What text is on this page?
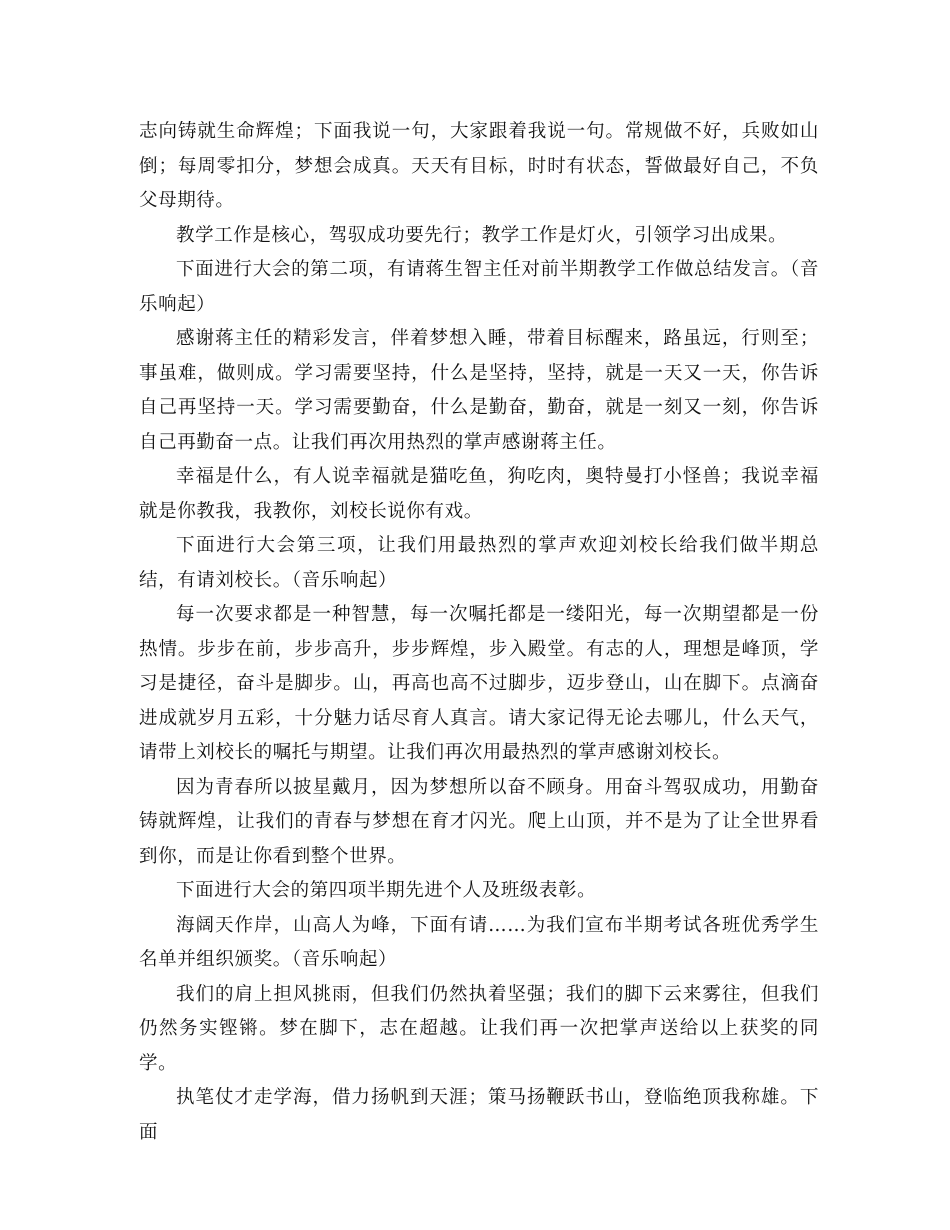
志向铸就生命辉煌；下面我说一句，大家跟着我说一句。常规做不好，兵败如山倒；每周零扣分，梦想会成真。天天有目标，时时有状态，誓做最好自己，不负父母期待。

教学工作是核心，驾驭成功要先行；教学工作是灯火，引领学习出成果。

下面进行大会的第二项，有请蒋生智主任对前半期教学工作做总结发言。（音乐响起）

感谢蒋主任的精彩发言，伴着梦想入睡，带着目标醒来，路虽远，行则至；事虽难，做则成。学习需要坚持，什么是坚持，坚持，就是一天又一天，你告诉自己再坚持一天。学习需要勤奋，什么是勤奋，勤奋，就是一刻又一刻，你告诉自己再勤奋一点。让我们再次用热烈的掌声感谢蒋主任。

幸福是什么，有人说幸福就是猫吃鱼，狗吃肉，奥特曼打小怪兽；我说幸福就是你教我，我教你，刘校长说你有戏。

下面进行大会第三项，让我们用最热烈的掌声欢迎刘校长给我们做半期总结，有请刘校长。（音乐响起）

每一次要求都是一种智慧，每一次嘱托都是一缕阳光，每一次期望都是一份热情。步步在前，步步高升，步步辉煌，步入殿堂。有志的人，理想是峰顶，学习是捷径，奋斗是脚步。山，再高也高不过脚步，迈步登山，山在脚下。点滴奋进成就岁月五彩，十分魅力话尽育人真言。请大家记得无论去哪儿，什么天气，请带上刘校长的嘱托与期望。让我们再次用最热烈的掌声感谢刘校长。

因为青春所以披星戴月，因为梦想所以奋不顾身。用奋斗驾驭成功，用勤奋铸就辉煌，让我们的青春与梦想在育才闪光。爬上山顶，并不是为了让全世界看到你，而是让你看到整个世界。

下面进行大会的第四项半期先进个人及班级表彰。

海阔天作岸，山高人为峰，下面有请……为我们宣布半期考试各班优秀学生名单并组织颁奖。（音乐响起）

我们的肩上担风挑雨，但我们仍然执着坚强；我们的脚下云来雾往，但我们仍然务实铿锵。梦在脚下，志在超越。让我们再一次把掌声送给以上获奖的同学。

执笔仗才走学海，借力扬帆到天涯；策马扬鞭跃书山，登临绝顶我称雄。下面
